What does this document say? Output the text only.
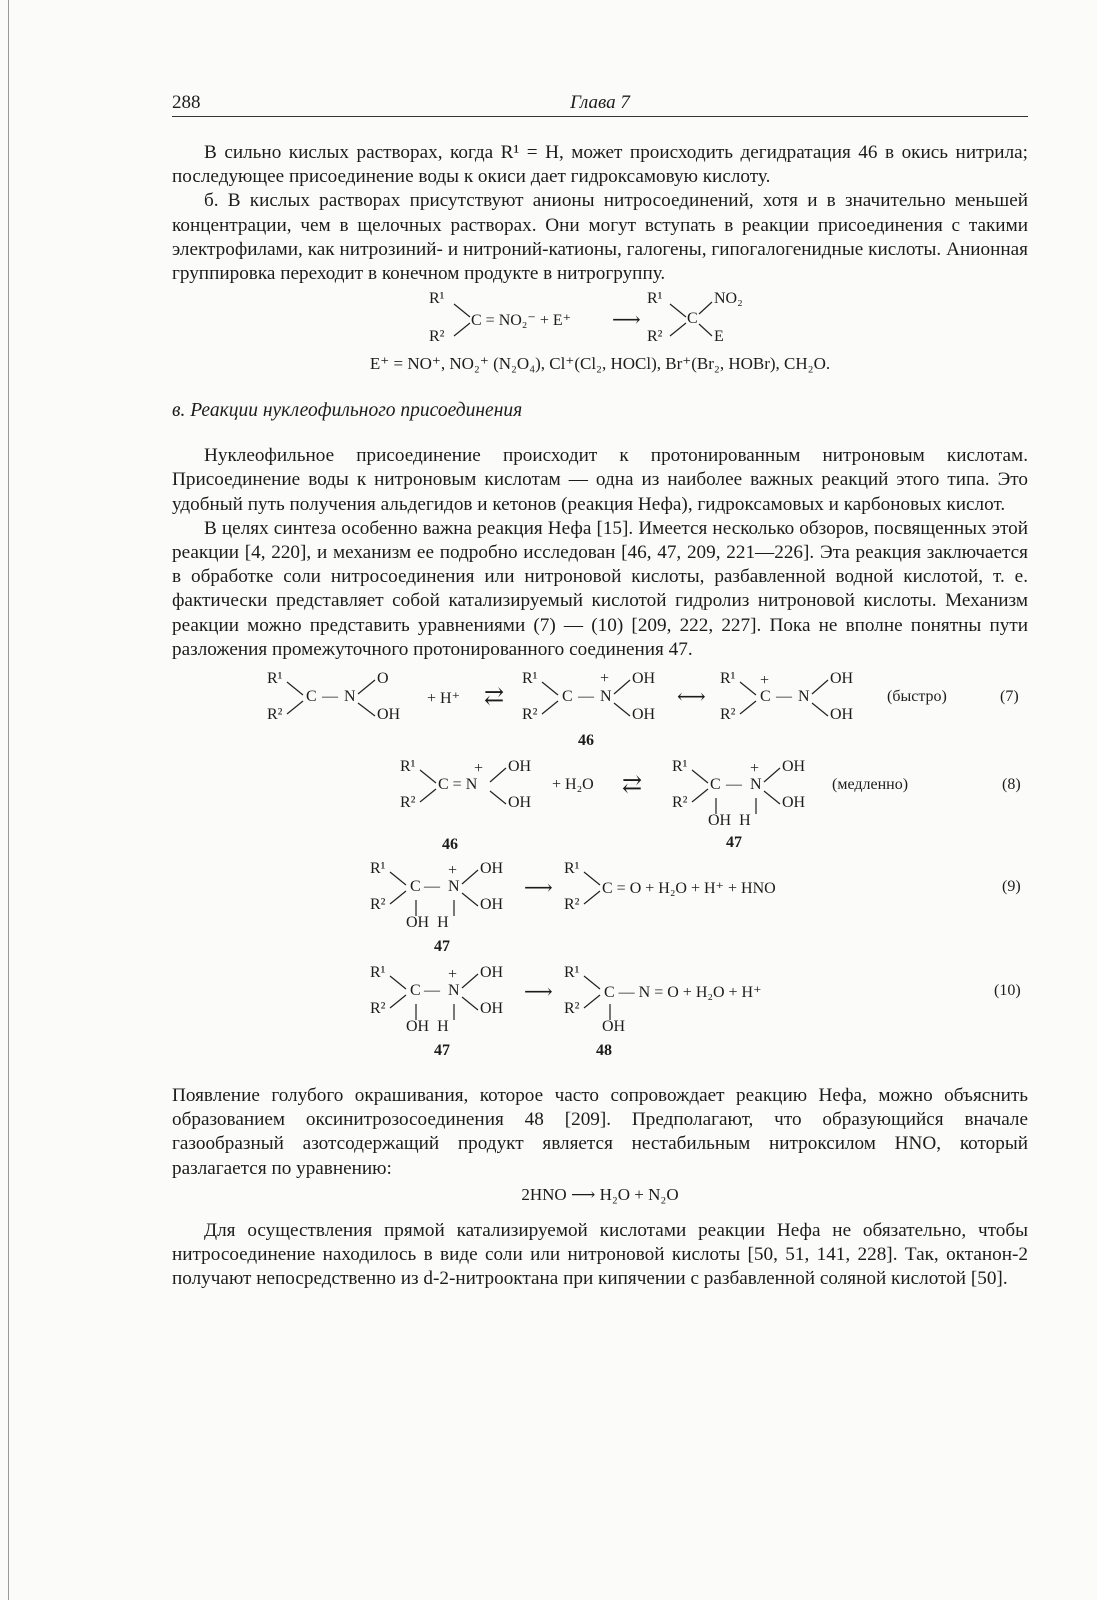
288	Глава 7

В сильно кислых растворах, когда R¹ = H, может происходить дегидратация 46 в окись нитрила; последующее присоединение воды к окиси дает гидроксамовую кислоту.

б. В кислых растворах присутствуют анионы нитросоединений, хотя и в значительно меньшей концентрации, чем в щелочных растворах. Они могут вступать в реакции присоединения с такими электрофилами, как нитрозиний- и нитроний-катионы, галогены, гипогалогенидные кислоты. Анионная группировка переходит в конечном продукте в нитрогруппу.

R¹
R²
C = NO₂⁻ + E⁺ ⟶
R¹
R²
C
NO₂
E
E⁺ = NO⁺, NO₂⁺ (N₂O₄), Cl⁺(Cl₂, HOCl), Br⁺(Br₂, HOBr), CH₂O.
в. Реакции нуклеофильного присоединения

Нуклеофильное присоединение происходит к протонированным нитроновым кислотам. Присоединение воды к нитроновым кислотам — одна из наиболее важных реакций этого типа. Это удобный путь получения альдегидов и кетонов (реакция Нефа), гидроксамовых и карбоновых кислот.

В целях синтеза особенно важна реакция Нефа [15]. Имеется несколько обзоров, посвященных этой реакции [4, 220], и механизм ее подробно исследован [46, 47, 209, 221—226]. Эта реакция заключается в обработке соли нитросоединения или нитроновой кислоты, разбавленной водной кислотой, т. е. фактически представляет собой катализируемый кислотой гидролиз нитроновой кислоты. Механизм реакции можно представить уравнениями (7) — (10) [209, 222, 227]. Пока не вполне понятны пути разложения промежуточного протонированного соединения 47.

R¹
R²
C — N
O
OH
+ H⁺ ⇄
R¹
R²
C —
+
N
OH
OH
⟷
R¹
R²
+
C — N
OH
OH
(быстро)	(7)
46
R¹
R²
+
C = N
OH
OH
+ H₂O ⇄
R¹
R²
C —
+
N
OH
OH
OH  H
(медленно)	(8)
46	47
R¹
R²
C —
+
N
OH
OH
OH  H
⟶
R¹
R²
C = O + H₂O + H⁺ + HNO	(9)
47
R¹
R²
C —
+
N
OH
OH
OH  H
⟶
R¹
R²
C — N = O + H₂O + H⁺
OH
(10)
47	48

Появление голубого окрашивания, которое часто сопровождает реакцию Нефа, можно объяснить образованием оксинитрозосоединения 48 [209]. Предполагают, что образующийся вначале газообразный азотсодержащий продукт является нестабильным нитроксилом HNO, который разлагается по уравнению:

2HNO ⟶ H₂O + N₂O

Для осуществления прямой катализируемой кислотами реакции Нефа не обязательно, чтобы нитросоединение находилось в виде соли или нитроновой кислоты [50, 51, 141, 228]. Так, октанон-2 получают непосредственно из d-2-нитрооктана при кипячении с разбавленной соляной кислотой [50].
